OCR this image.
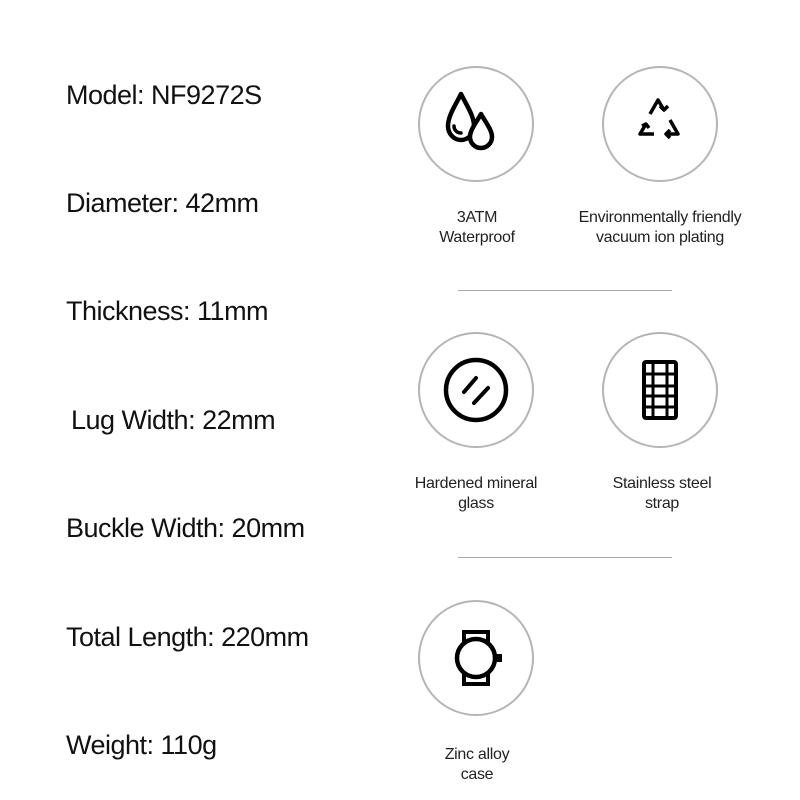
Model: NF9272S
Diameter: 42mm
Thickness: 11mm
Lug Width: 22mm
Buckle Width: 20mm
Total Length: 220mm
Weight: 110g
3ATM
Waterproof
Environmentally friendly
vacuum ion plating
Hardened mineral
glass
Stainless steel
strap
Zinc alloy
case
